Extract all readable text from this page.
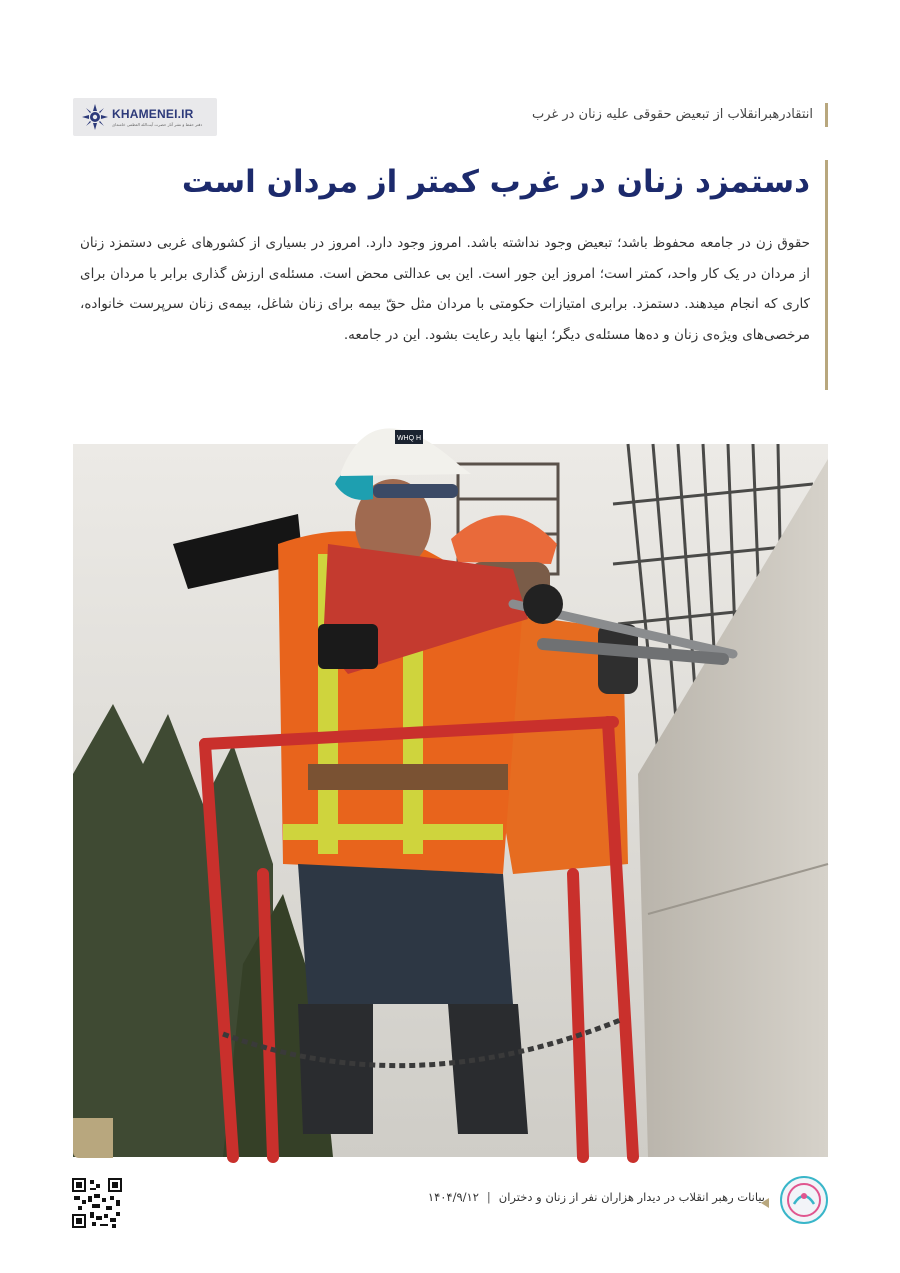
KHAMENEI.IR
دفتر حفظ و نشر آثار حضرت آیت‌الله العظمی خامنه‌ای
انتقادرهبرانقلاب از تبعیض حقوقی علیه زنان در غرب
دستمزد زنان در غرب کمتر از مردان است

حقوق زن در جامعه محفوظ باشد؛ تبعیض وجود نداشته باشد. امروز وجود دارد. امروز در بسیاری از کشورهای غربی دستمزد زنان از مردان در یک کار واحد، کمتر است؛ امروز این جور است. این بی عدالتی محض است. مسئله‌ی ارزش گذاری برابر با مردان برای کاری که انجام میدهند. دستمزد. برابری امتیازات حکومتی با مردان مثل حقّ بیمه برای زنان شاغل، بیمه‌ی زنان سرپرست خانواده، مرخصی‌های ویژه‌ی زنان و ده‌ها مسئله‌ی دیگر؛ اینها باید رعایت بشود. این در جامعه.

WHQ H
بیانات رهبر انقلاب در دیدار هزاران نفر از زنان و دختران
|
۱۴۰۴/۹/۱۲
